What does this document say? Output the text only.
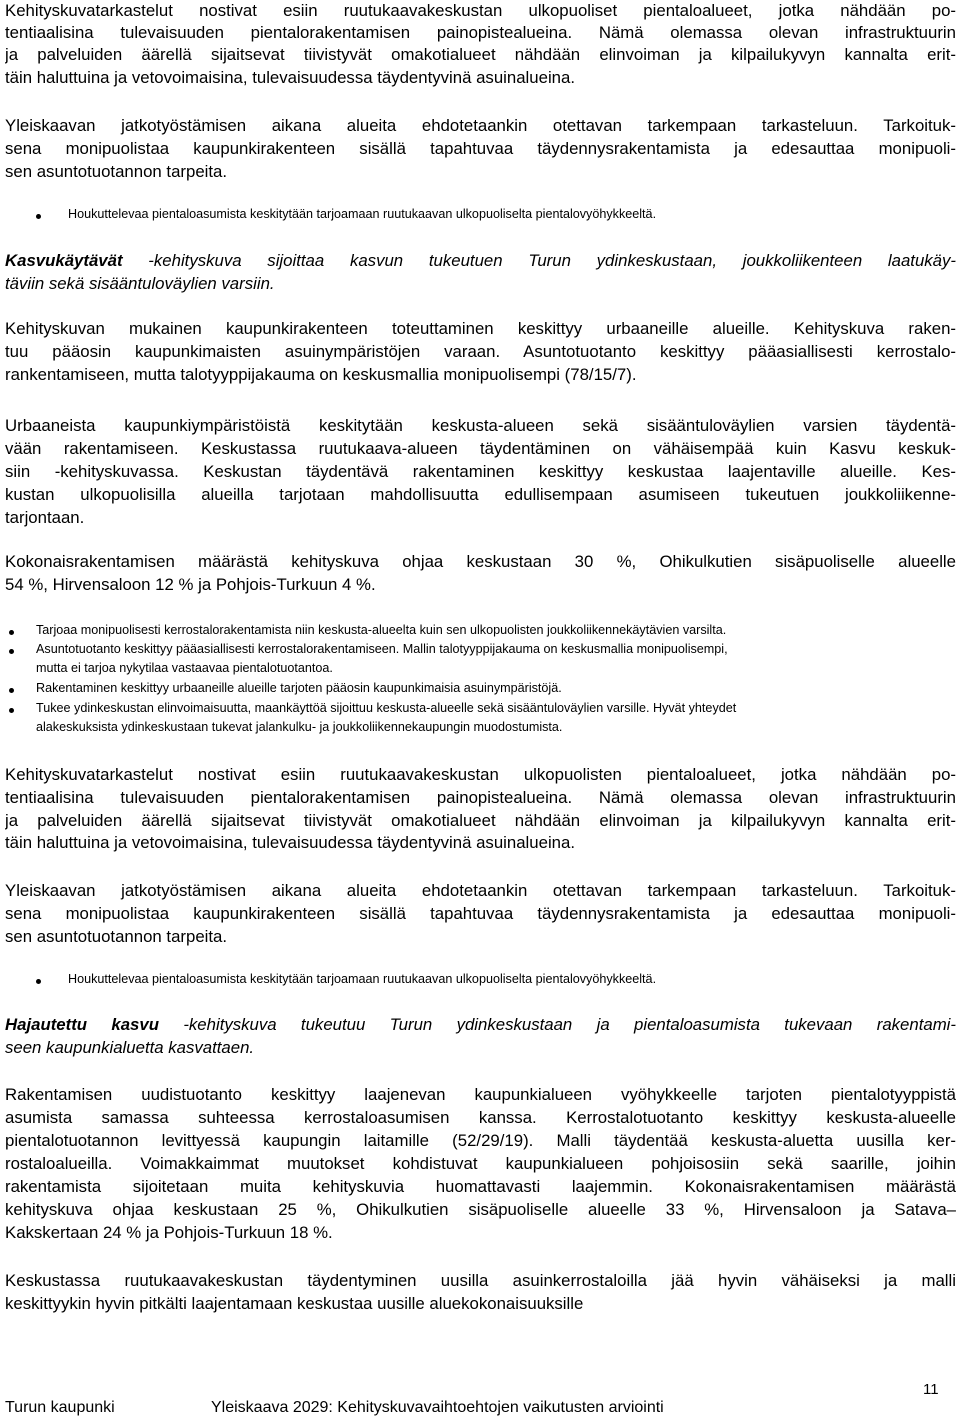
Kehityskuvatarkastelut nostivat esiin ruutukaavakeskustan ulkopuoliset pientaloalueet, jotka nähdään po-
tentiaalisina tulevaisuuden pientalorakentamisen painopistealueina. Nämä olemassa olevan infrastruktuurin
ja palveluiden äärellä sijaitsevat tiivistyvät omakotialueet nähdään elinvoiman ja kilpailukyvyn kannalta erit-
täin haluttuina ja vetovoimaisina, tulevaisuudessa täydentyvinä asuinalueina.
Yleiskaavan jatkotyöstämisen aikana alueita ehdotetaankin otettavan tarkempaan tarkasteluun. Tarkoituk-
sena monipuolistaa kaupunkirakenteen sisällä tapahtuvaa täydennysrakentamista ja edesauttaa monipuoli-
sen asuntotuotannon tarpeita.
Houkuttelevaa pientaloasumista keskitytään tarjoamaan ruutukaavan ulkopuoliselta pientalovyöhykkeeltä.
Kasvukäytävät -kehityskuva sijoittaa kasvun tukeutuen Turun ydinkeskustaan, joukkoliikenteen laatukäy-
täviin sekä sisääntuloväylien varsiin.
Kehityskuvan mukainen kaupunkirakenteen toteuttaminen keskittyy urbaaneille alueille. Kehityskuva raken-
tuu pääosin kaupunkimaisten asuinympäristöjen varaan. Asuntotuotanto keskittyy pääasiallisesti kerrostalo-
rankentamiseen, mutta talotyyppijakauma on keskusmallia monipuolisempi (78/15/7).
Urbaaneista kaupunkiympäristöistä keskitytään keskusta-alueen sekä sisääntuloväylien varsien täydentä-
vään rakentamiseen. Keskustassa ruutukaava-alueen täydentäminen on vähäisempää kuin Kasvu keskuk-
siin -kehityskuvassa. Keskustan täydentävä rakentaminen keskittyy keskustaa laajentaville alueille. Kes-
kustan ulkopuolisilla alueilla tarjotaan mahdollisuutta edullisempaan asumiseen tukeutuen joukkoliikenne-
tarjontaan.
Kokonaisrakentamisen määrästä kehityskuva ohjaa keskustaan 30 %, Ohikulkutien sisäpuoliselle alueelle
54 %, Hirvensaloon 12 % ja Pohjois-Turkuun 4 %.
Tarjoaa monipuolisesti kerrostalorakentamista niin keskusta-alueelta kuin sen ulkopuolisten joukkoliikennekäytävien varsilta.
Asuntotuotanto keskittyy pääasiallisesti kerrostalorakentamiseen. Mallin talotyyppijakauma on keskusmallia monipuolisempi,
mutta ei tarjoa nykytilaa vastaavaa pientalotuotantoa.
Rakentaminen keskittyy urbaaneille alueille tarjoten pääosin kaupunkimaisia asuinympäristöjä.
Tukee ydinkeskustan elinvoimaisuutta, maankäyttöä sijoittuu keskusta-alueelle sekä sisääntuloväylien varsille. Hyvät yhteydet
alakeskuksista ydinkeskustaan tukevat jalankulku- ja joukkoliikennekaupungin muodostumista.
Kehityskuvatarkastelut nostivat esiin ruutukaavakeskustan ulkopuolisten pientaloalueet, jotka nähdään po-
tentiaalisina tulevaisuuden pientalorakentamisen painopistealueina. Nämä olemassa olevan infrastruktuurin
ja palveluiden äärellä sijaitsevat tiivistyvät omakotialueet nähdään elinvoiman ja kilpailukyvyn kannalta erit-
täin haluttuina ja vetovoimaisina, tulevaisuudessa täydentyvinä asuinalueina.
Yleiskaavan jatkotyöstämisen aikana alueita ehdotetaankin otettavan tarkempaan tarkasteluun. Tarkoituk-
sena monipuolistaa kaupunkirakenteen sisällä tapahtuvaa täydennysrakentamista ja edesauttaa monipuoli-
sen asuntotuotannon tarpeita.
Houkuttelevaa pientaloasumista keskitytään tarjoamaan ruutukaavan ulkopuoliselta pientalovyöhykkeeltä.
Hajautettu kasvu -kehityskuva tukeutuu Turun ydinkeskustaan ja pientaloasumista tukevaan rakentami-
seen kaupunkialuetta kasvattaen.
Rakentamisen uudistuotanto keskittyy laajenevan kaupunkialueen vyöhykkeelle tarjoten pientalotyyppistä
asumista samassa suhteessa kerrostaloasumisen kanssa. Kerrostalotuotanto keskittyy keskusta-alueelle
pientalotuotannon levittyessä kaupungin laitamille (52/29/19). Malli täydentää keskusta-aluetta uusilla ker-
rostaloalueilla. Voimakkaimmat muutokset kohdistuvat kaupunkialueen pohjoisosiin sekä saarille, joihin
rakentamista sijoitetaan muita kehityskuvia huomattavasti laajemmin. Kokonaisrakentamisen määrästä
kehityskuva ohjaa keskustaan 25 %, Ohikulkutien sisäpuoliselle alueelle 33 %, Hirvensaloon ja Satava–
Kakskertaan 24 % ja Pohjois-Turkuun 18 %.
Keskustassa ruutukaavakeskustan täydentyminen uusilla asuinkerrostaloilla jää hyvin vähäiseksi ja malli
keskittyykin hyvin pitkälti laajentamaan keskustaa uusille aluekokonaisuuksille
11
Turun kaupunki	Yleiskaava 2029: Kehityskuvavaihtoehtojen vaikutusten arviointi
